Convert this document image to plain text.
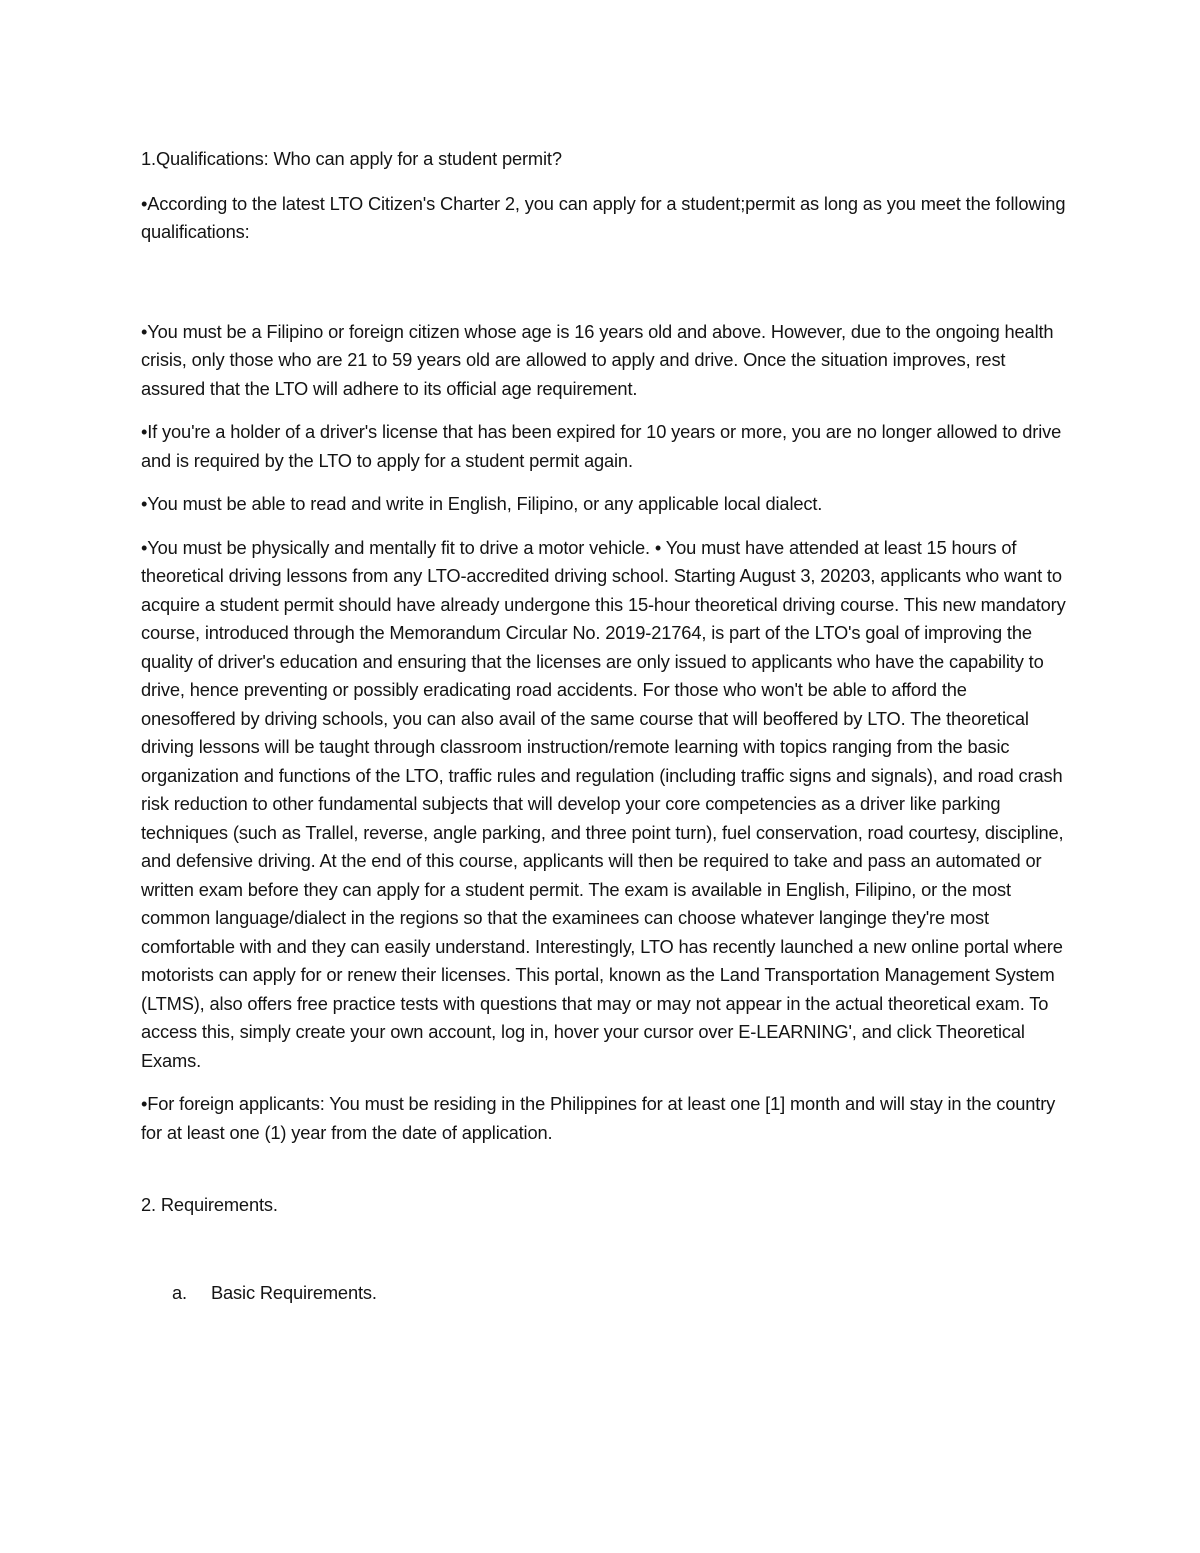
1.Qualifications: Who can apply for a student permit?

•According to the latest LTO Citizen's Charter 2, you can apply for a student;permit as long as you meet the following qualifications:

•You must be a Filipino or foreign citizen whose age is 16 years old and above. However, due to the ongoing health crisis, only those who are 21 to 59 years old are allowed to apply and drive. Once the situation improves, rest assured that the LTO will adhere to its official age requirement.

•If you're a holder of a driver's license that has been expired for 10 years or more, you are no longer allowed to drive and is required by the LTO to apply for a student permit again.

•You must be able to read and write in English, Filipino, or any applicable local dialect.

•You must be physically and mentally fit to drive a motor vehicle. • You must have attended at least 15 hours of theoretical driving lessons from any LTO-accredited driving school. Starting August 3, 20203, applicants who want to acquire a student permit should have already undergone this 15-hour theoretical driving course. This new mandatory course, introduced through the Memorandum Circular No. 2019-21764, is part of the LTO's goal of improving the quality of driver's education and ensuring that the licenses are only issued to applicants who have the capability to drive, hence preventing or possibly eradicating road accidents. For those who won't be able to afford the onesoffered by driving schools, you can also avail of the same course that will beoffered by LTO. The theoretical driving lessons will be taught through classroom instruction/remote learning with topics ranging from the basic organization and functions of the LTO, traffic rules and regulation (including traffic signs and signals), and road crash risk reduction to other fundamental subjects that will develop your core competencies as a driver like parking techniques (such as Trallel, reverse, angle parking, and three point turn), fuel conservation, road courtesy, discipline, and defensive driving. At the end of this course, applicants will then be required to take and pass an automated or written exam before they can apply for a student permit. The exam is available in English, Filipino, or the most common language/dialect in the regions so that the examinees can choose whatever langinge they're most comfortable with and they can easily understand. Interestingly, LTO has recently launched a new online portal where motorists can apply for or renew their licenses. This portal, known as the Land Transportation Management System (LTMS), also offers free practice tests with questions that may or may not appear in the actual theoretical exam. To access this, simply create your own account, log in, hover your cursor over E-LEARNING', and click Theoretical Exams.

•For foreign applicants: You must be residing in the Philippines for at least one [1] month and will stay in the country for at least one (1) year from the date of application.

2. Requirements.

a.	Basic Requirements.
